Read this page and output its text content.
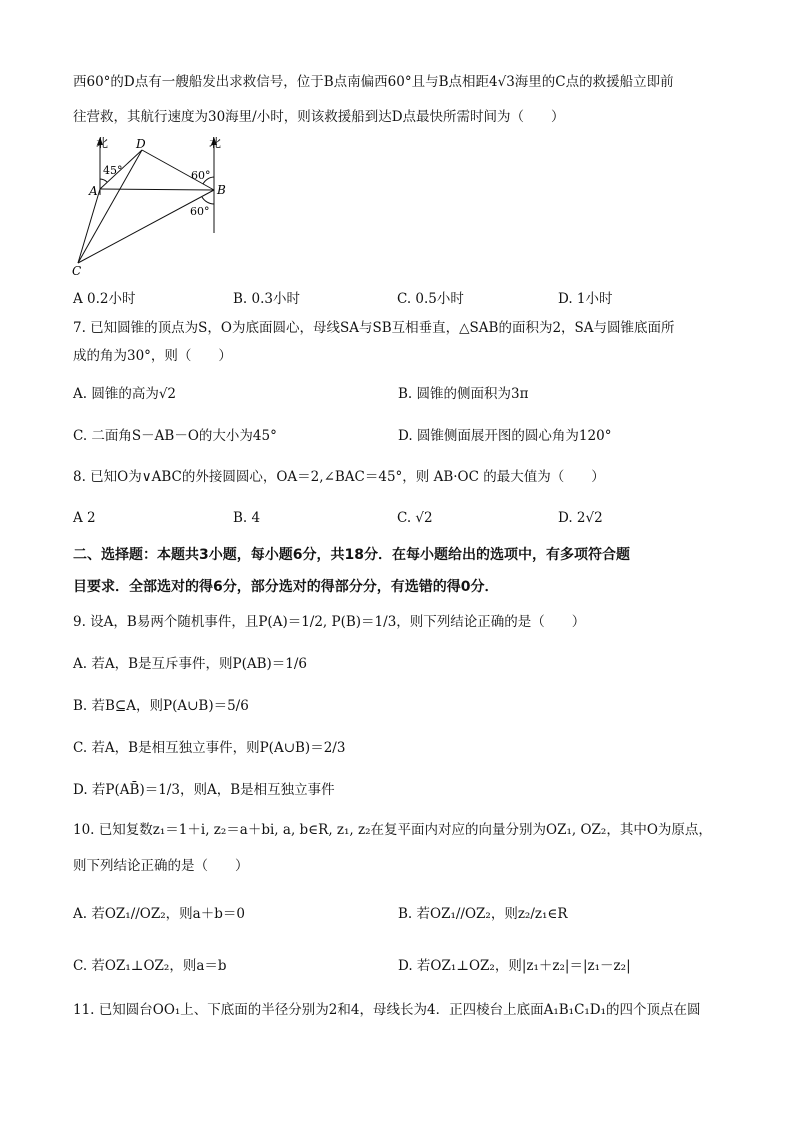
西60°的D点有一艘船发出求救信号，位于B点南偏西60°且与B点相距4√3海里的C点的救援船立即前
往营救，其航行速度为30海里/小时，则该救援船到达D点最快所需时间为（　　）
北	北
D
A	B
C
45°	60°
60°
A 0.2小时	B. 0.3小时	C. 0.5小时	D. 1小时
7. 已知圆锥的顶点为S，O为底面圆心，母线SA与SB互相垂直，△SAB的面积为2，SA与圆锥底面所
成的角为30°，则（　　）
A. 圆锥的高为√2	B. 圆锥的侧面积为3π
C. 二面角S－AB－O的大小为45°	D. 圆锥侧面展开图的圆心角为120°
8. 已知O为∨ABC的外接圆圆心，OA＝2,∠BAC＝45°，则 AB·OC 的最大值为（　　）
A 2	B. 4	C. √2	D. 2√2
二、选择题：本题共3小题，每小题6分，共18分．在每小题给出的选项中，有多项符合题
目要求．全部选对的得6分，部分选对的得部分分，有选错的得0分．
9. 设A，B易两个随机事件，且P(A)＝1/2, P(B)＝1/3，则下列结论正确的是（　　）
A. 若A，B是互斥事件，则P(AB)＝1/6
B. 若B⊆A，则P(A∪B)＝5/6
C. 若A，B是相互独立事件，则P(A∪B)＝2/3
D. 若P(AB̄)＝1/3，则A，B是相互独立事件
10. 已知复数z₁＝1＋i, z₂＝a＋bi, a, b∈R, z₁, z₂在复平面内对应的向量分别为OZ₁, OZ₂，其中O为原点，
则下列结论正确的是（　　）
A. 若OZ₁//OZ₂，则a＋b＝0	B. 若OZ₁//OZ₂，则z₂/z₁∈R
C. 若OZ₁⊥OZ₂，则a＝b	D. 若OZ₁⊥OZ₂，则|z₁＋z₂|＝|z₁－z₂|
11. 已知圆台OO₁上、下底面的半径分别为2和4，母线长为4．正四棱台上底面A₁B₁C₁D₁的四个顶点在圆
